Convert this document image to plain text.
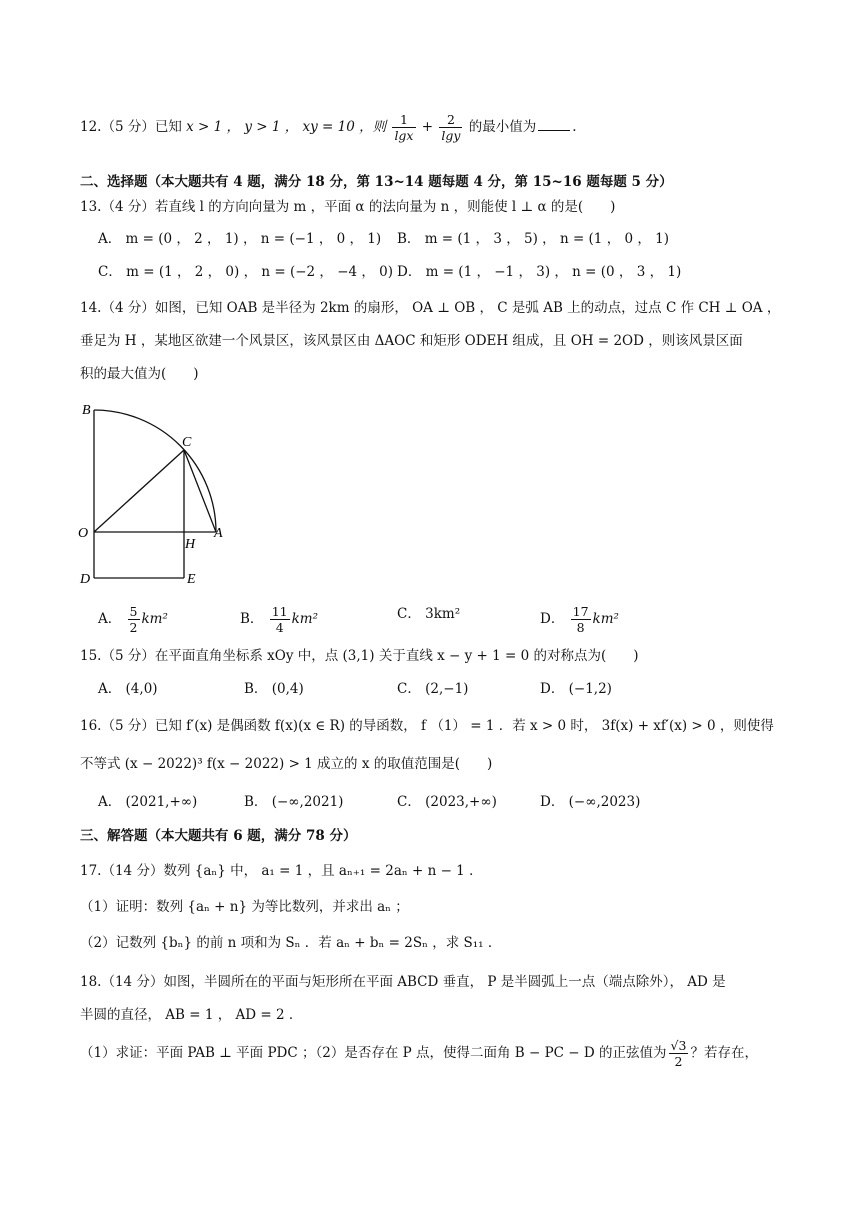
12.（5 分）已知 x > 1 ， y > 1 ， xy = 10 ，则 $\frac{1}{\lg x} + \frac{2}{\lg y}$ 的最小值为	.
二、选择题（本大题共有 4 题，满分 18 分，第 13~14 题每题 4 分，第 15~16 题每题 5 分）
13.（4 分）若直线 l 的方向向量为 m ，平面 α 的法向量为 n ，则能使 l ⊥ α 的是(　　)
A． m = (0 ， 2 ， 1) ， n = (−1 ， 0 ， 1) B． m = (1 ， 3 ， 5) ， n = (1 ， 0 ， 1)
C． m = (1 ， 2 ， 0) ， n = (−2 ， −4 ， 0) D． m = (1 ， −1 ， 3) ， n = (0 ， 3 ， 1)
14.（4 分）如图，已知 OAB 是半径为 2km 的扇形， OA ⊥ OB ， C 是弧 AB 上的动点，过点 C 作 CH ⊥ OA ，
垂足为 H ，某地区欲建一个风景区，该风景区由 ΔAOC 和矩形 ODEH 组成，且 OH = 2OD ，则该风景区面
积的最大值为(　　)
B
C
O
H
A
D	E
A． $\frac{5}{2} km^2$	B． $\frac{11}{4} km^2$	C． 3km²	D． $\frac{17}{8} km^2$
15.（5 分）在平面直角坐标系 xOy 中，点 (3,1) 关于直线 x − y + 1 = 0 的对称点为(　　)
A． (4,0)	B． (0,4)	C． (2,−1)	D． (−1,2)
16.（5 分）已知 f′(x) 是偶函数 f(x)(x ∈ R) 的导函数， f （1） = 1 ．若 x > 0 时， 3f(x) + xf′(x) > 0 ，则使得
不等式 (x − 2022)³ f(x − 2022) > 1 成立的 x 的取值范围是(　　)
A． (2021,+∞)	B． (−∞,2021)	C． (2023,+∞)	D． (−∞,2023)
三、解答题（本大题共有 6 题，满分 78 分）
17.（14 分）数列 {aₙ} 中， a₁ = 1 ，且 aₙ₊₁ = 2aₙ + n − 1 ．
（1）证明：数列 {aₙ + n} 为等比数列，并求出 aₙ ；
（2）记数列 {bₙ} 的前 n 项和为 Sₙ ．若 aₙ + bₙ = 2Sₙ ，求 S₁₁ ．
18.（14 分）如图，半圆所在的平面与矩形所在平面 ABCD 垂直， P 是半圆弧上一点（端点除外）， AD 是
半圆的直径， AB = 1 ， AD = 2 ．
（1）求证：平面 PAB ⊥ 平面 PDC ；（2）是否存在 P 点，使得二面角 B − PC − D 的正弦值为 $\frac{√3}{2}$ ？若存在，
